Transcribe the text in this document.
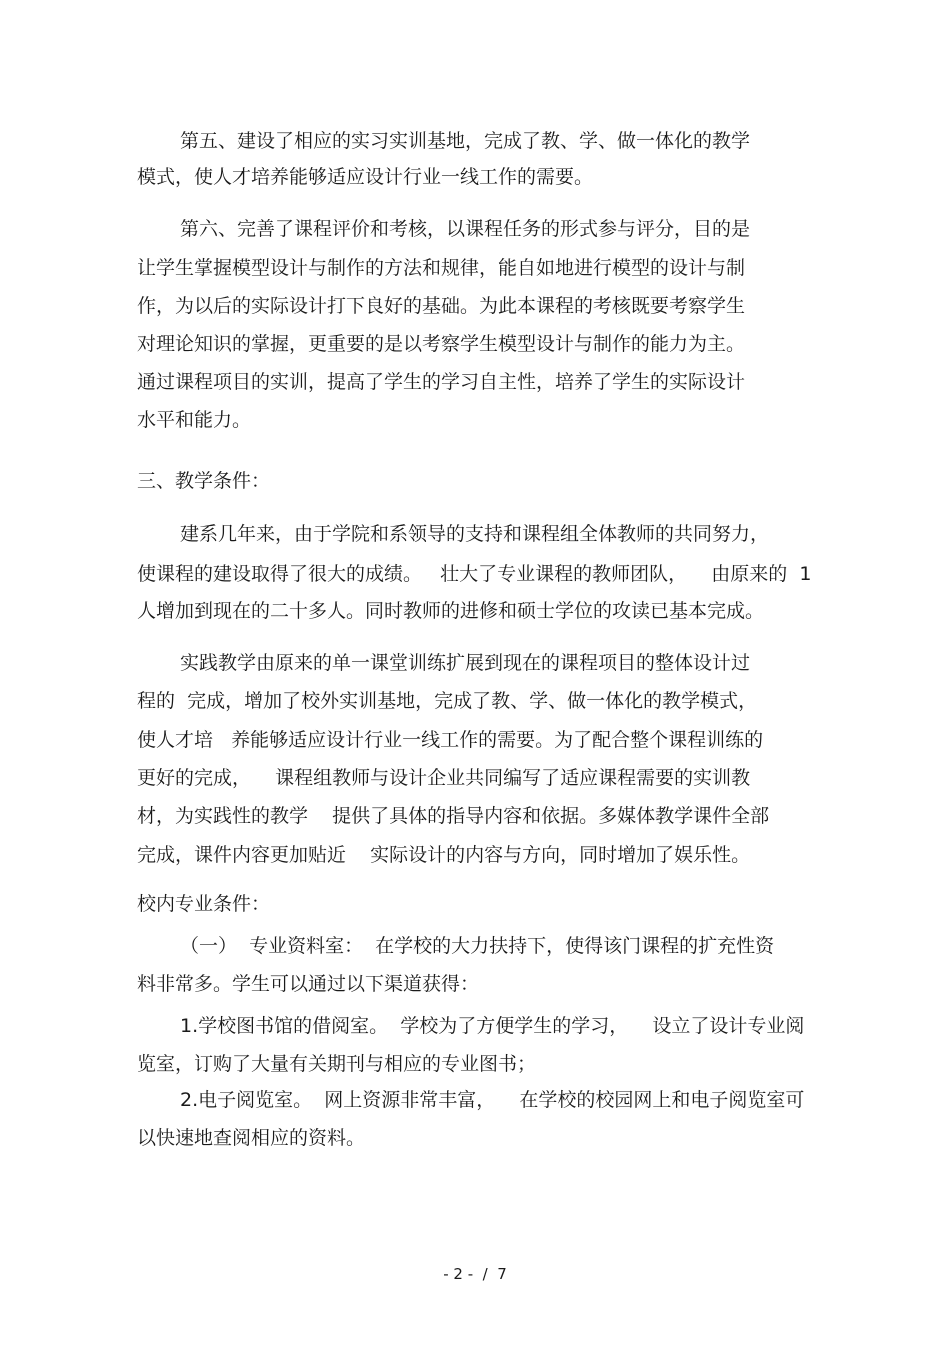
第五、建设了相应的实习实训基地，完成了教、学、做一体化的教学
模式，使人才培养能够适应设计行业一线工作的需要。
第六、完善了课程评价和考核，以课程任务的形式参与评分，目的是
让学生掌握模型设计与制作的方法和规律，能自如地进行模型的设计与制
作，为以后的实际设计打下良好的基础。为此本课程的考核既要考察学生
对理论知识的掌握，更重要的是以考察学生模型设计与制作的能力为主。
通过课程项目的实训，提高了学生的学习自主性，培养了学生的实际设计
水平和能力。
三、教学条件：
建系几年来，由于学院和系领导的支持和课程组全体教师的共同努力，
使课程的建设取得了很大的成绩。   壮大了专业课程的教师团队，    由原来的  1
人增加到现在的二十多人。同时教师的进修和硕士学位的攻读已基本完成。
实践教学由原来的单一课堂训练扩展到现在的课程项目的整体设计过
程的  完成，增加了校外实训基地，完成了教、学、做一体化的教学模式，
使人才培   养能够适应设计行业一线工作的需要。为了配合整个课程训练的
更好的完成，    课程组教师与设计企业共同编写了适应课程需要的实训教
材，为实践性的教学    提供了具体的指导内容和依据。多媒体教学课件全部
完成，课件内容更加贴近    实际设计的内容与方向，同时增加了娱乐性。
校内专业条件：
（一）  专业资料室：  在学校的大力扶持下，使得该门课程的扩充性资
料非常多。学生可以通过以下渠道获得：
1.学校图书馆的借阅室。  学校为了方便学生的学习，    设立了设计专业阅
览室，订购了大量有关期刊与相应的专业图书；
2.电子阅览室。  网上资源非常丰富，    在学校的校园网上和电子阅览室可
以快速地查阅相应的资料。
- 2 -  /  7
